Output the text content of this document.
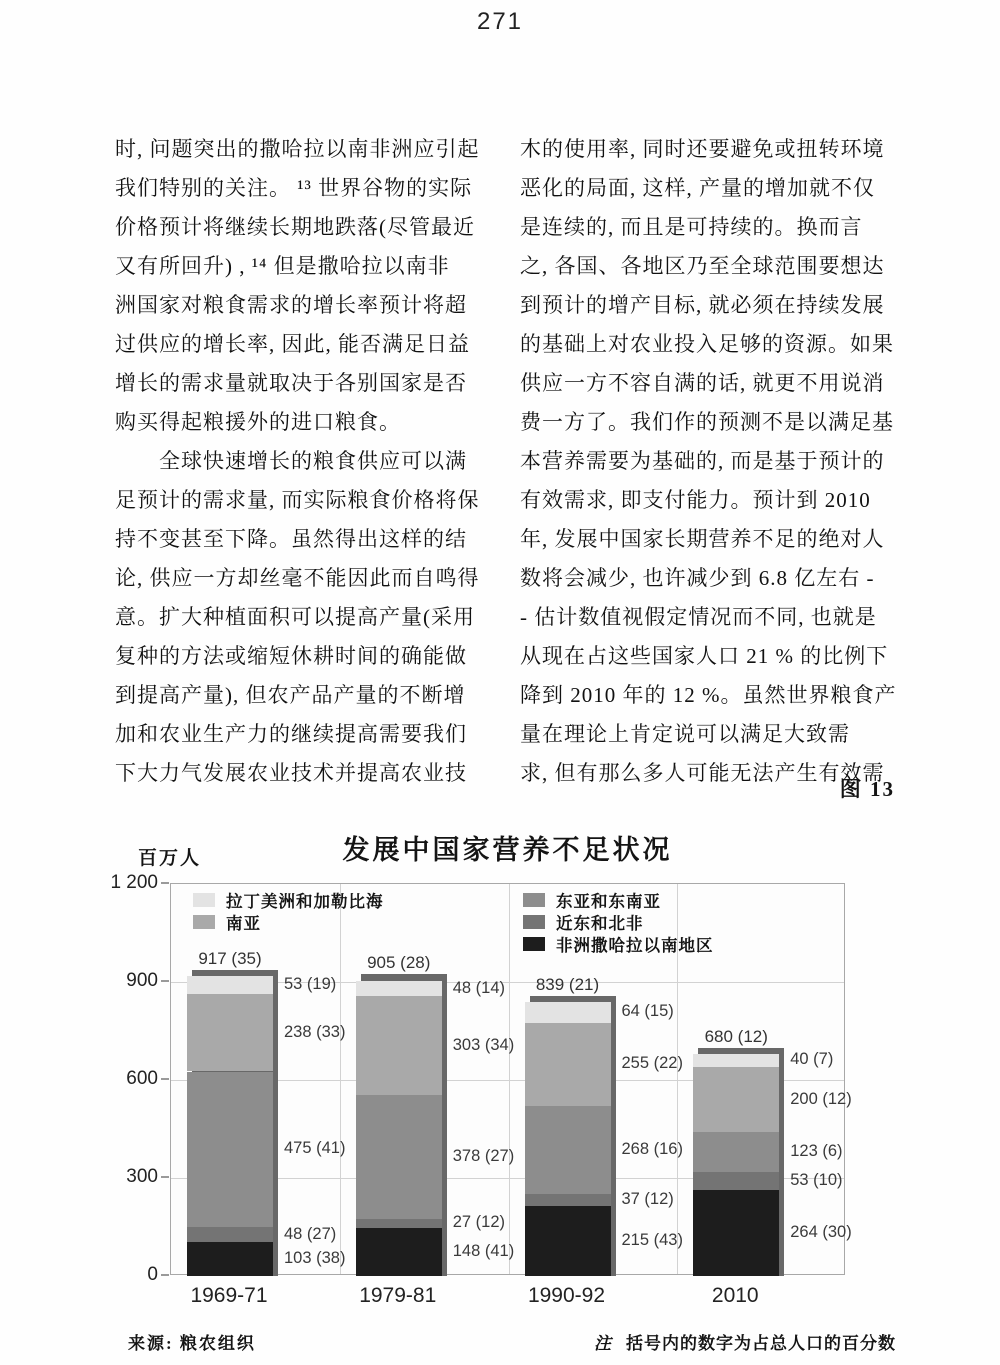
271
时, 问题突出的撒哈拉以南非洲应引起
我们特别的关注。 ¹³ 世界谷物的实际
价格预计将继续长期地跌落(尽管最近
又有所回升) , ¹⁴ 但是撒哈拉以南非
洲国家对粮食需求的增长率预计将超
过供应的增长率, 因此, 能否满足日益
增长的需求量就取决于各别国家是否
购买得起粮援外的进口粮食。
　　全球快速增长的粮食供应可以满
足预计的需求量, 而实际粮食价格将保
持不变甚至下降。虽然得出这样的结
论, 供应一方却丝毫不能因此而自鸣得
意。扩大种植面积可以提高产量(采用
复种的方法或缩短休耕时间的确能做
到提高产量), 但农产品产量的不断增
加和农业生产力的继续提高需要我们
下大力气发展农业技术并提高农业技
木的使用率, 同时还要避免或扭转环境
恶化的局面, 这样, 产量的增加就不仅
是连续的, 而且是可持续的。换而言
之, 各国、各地区乃至全球范围要想达
到预计的增产目标, 就必须在持续发展
的基础上对农业投入足够的资源。如果
供应一方不容自满的话, 就更不用说消
费一方了。我们作的预测不是以满足基
本营养需要为基础的, 而是基于预计的
有效需求, 即支付能力。预计到 2010
年, 发展中国家长期营养不足的绝对人
数将会减少, 也许减少到 6.8 亿左右 -
- 估计数值视假定情况而不同, 也就是
从现在占这些国家人口 21 % 的比例下
降到 2010 年的 12 %。虽然世界粮食产
量在理论上肯定说可以满足大致需
求, 但有那么多人可能无法产生有效需
图 13
发展中国家营养不足状况
百万人
103 (38)
48 (27)
475 (41)
238 (33)
53 (19)
917 (35)
148 (41)
27 (12)
378 (27)
303 (34)
48 (14)
905 (28)
215 (43)
37 (12)
268 (16)
255 (22)
64 (15)
839 (21)
264 (30)
53 (10)
123 (6)
200 (12)
40 (7)
680 (12)
拉丁美洲和加勒比海
南亚
东亚和东南亚
近东和北非
非洲撒哈拉以南地区
来源: 粮农组织	注 括号内的数字为占总人口的百分数
0
300
600
900
1 200
1969-71	1979-81	1990-92	2010
